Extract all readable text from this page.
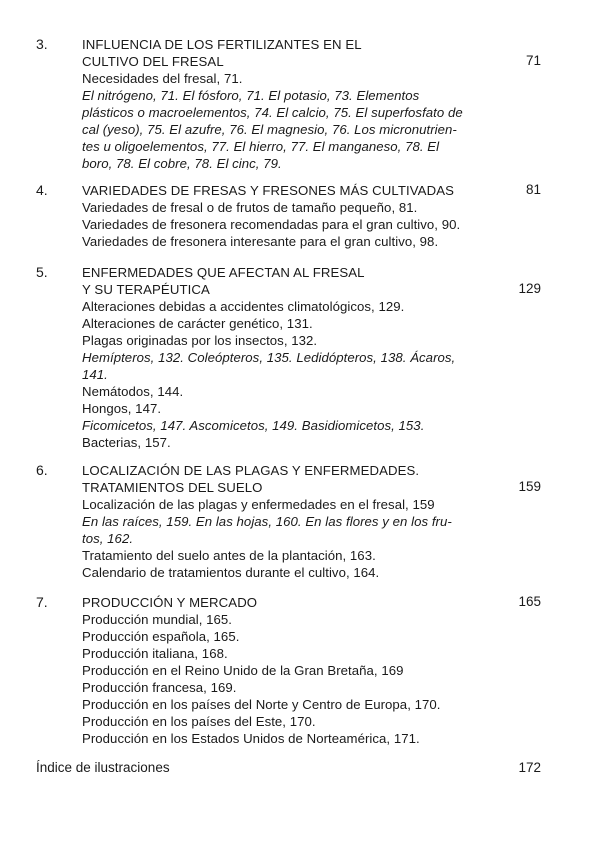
3.	INFLUENCIA DE LOS FERTILIZANTES EN EL
CULTIVO DEL FRESAL	71
Necesidades del fresal, 71.
El nitrógeno, 71. El fósforo, 71. El potasio, 73. Elementos
plásticos o macroelementos, 74. El calcio, 75. El superfosfato de
cal (yeso), 75. El azufre, 76. El magnesio, 76. Los micronutrien-
tes u oligoelementos, 77. El hierro, 77. El manganeso, 78. El
boro, 78. El cobre, 78. El cinc, 79.
4.	VARIEDADES DE FRESAS Y FRESONES MÁS CULTIVADAS	81
Variedades de fresal o de frutos de tamaño pequeño, 81.
Variedades de fresonera recomendadas para el gran cultivo, 90.
Variedades de fresonera interesante para el gran cultivo, 98.
5.	ENFERMEDADES QUE AFECTAN AL FRESAL
Y SU TERAPÉUTICA	129
Alteraciones debidas a accidentes climatológicos, 129.
Alteraciones de carácter genético, 131.
Plagas originadas por los insectos, 132.
Hemípteros, 132. Coleópteros, 135. Ledidópteros, 138. Ácaros,
141.
Nemátodos, 144.
Hongos, 147.
Ficomicetos, 147. Ascomicetos, 149. Basidiomicetos, 153.
Bacterias, 157.
6.	LOCALIZACIÓN DE LAS PLAGAS Y ENFERMEDADES.
TRATAMIENTOS DEL SUELO	159
Localización de las plagas y enfermedades en el fresal, 159
En las raíces, 159. En las hojas, 160. En las flores y en los fru-
tos, 162.
Tratamiento del suelo antes de la plantación, 163.
Calendario de tratamientos durante el cultivo, 164.
7.	PRODUCCIÓN Y MERCADO	165
Producción mundial, 165.
Producción española, 165.
Producción italiana, 168.
Producción en el Reino Unido de la Gran Bretaña, 169
Producción francesa, 169.
Producción en los países del Norte y Centro de Europa, 170.
Producción en los países del Este, 170.
Producción en los Estados Unidos de Norteamérica, 171.
Índice de ilustraciones	172
